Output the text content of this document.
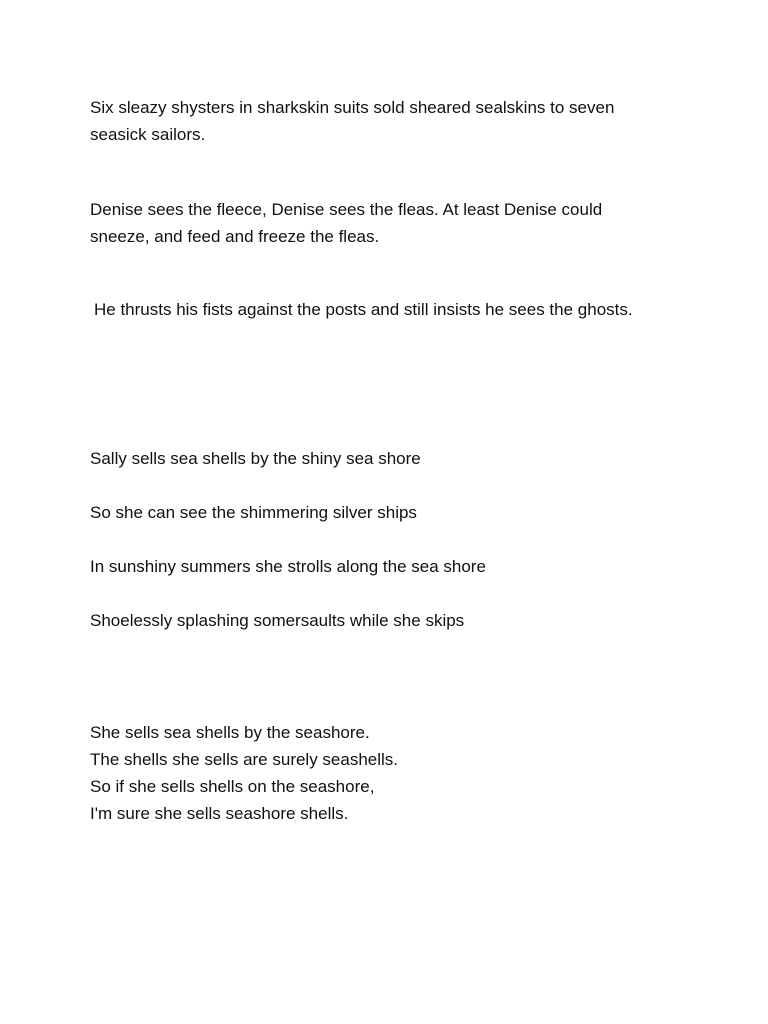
Six sleazy shysters in sharkskin suits sold sheared sealskins to seven

seasick sailors.

Denise sees the fleece, Denise sees the fleas. At least Denise could

sneeze, and feed and freeze the fleas.

He thrusts his fists against the posts and still insists he sees the ghosts.

Sally sells sea shells by the shiny sea shore

So she can see the shimmering silver ships

In sunshiny summers she strolls along the sea shore

Shoelessly splashing somersaults while she skips

She sells sea shells by the seashore.

The shells she sells are surely seashells.

So if she sells shells on the seashore,

I'm sure she sells seashore shells.
